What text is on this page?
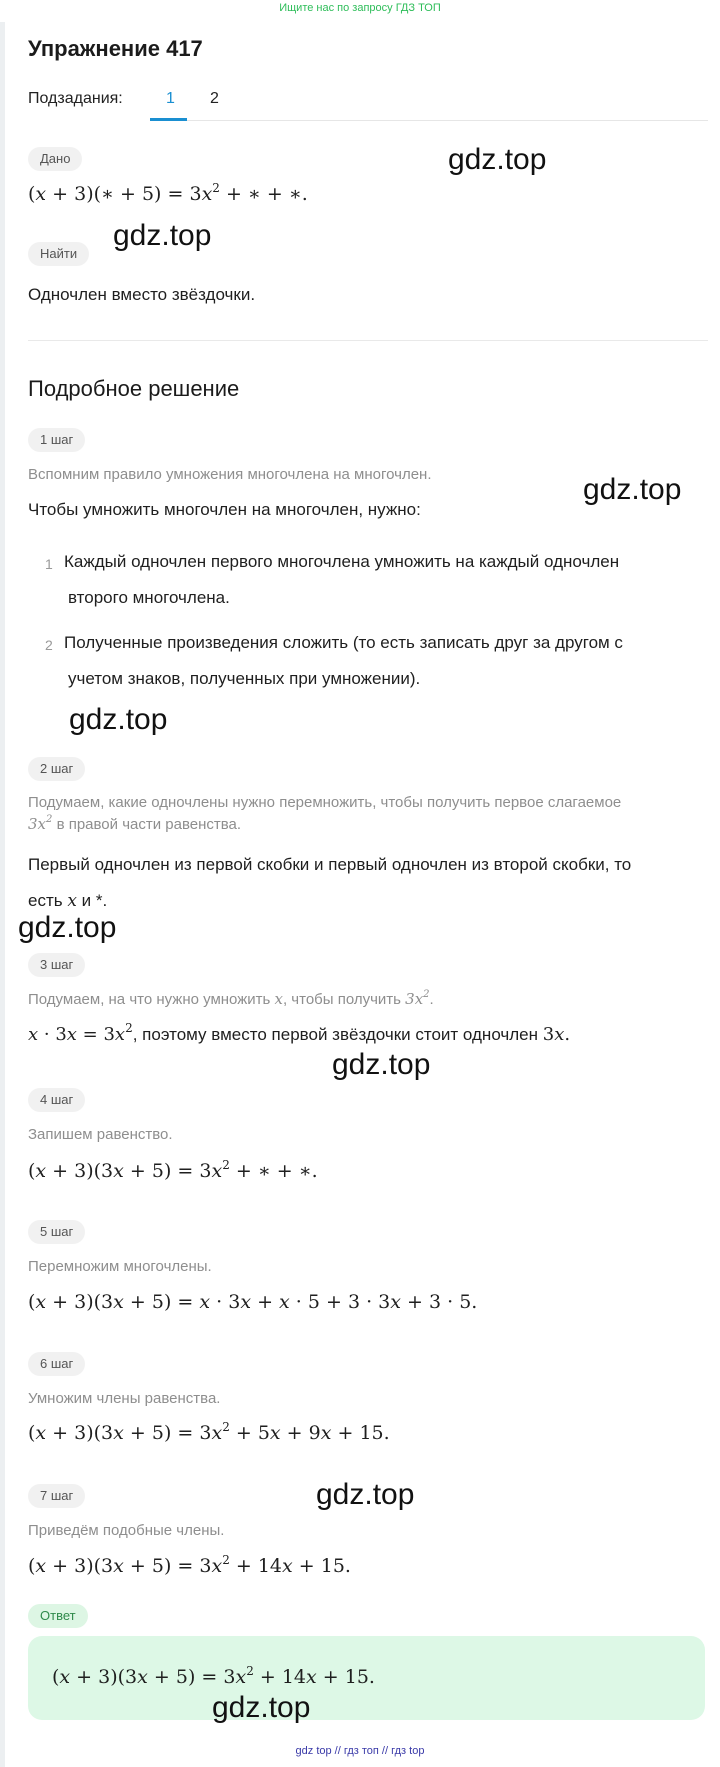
Ищите нас по запросу ГДЗ ТОП
Упражнение 417
Подзадания:	1 2
Дано
(x + 3)(∗ + $5) = 3x^2$ + ∗ + ∗.
Найти
Одночлен вместо звёздочки.
Подробное решение
1 шаг
Вспомним правило умножения многочлена на многочлен.
Чтобы умножить многочлен на многочлен, нужно:
1 Каждый одночлен первого многочлена умножить на каждый одночлен
второго многочлена.
2 Полученные произведения сложить (то есть записать друг за другом с
учетом знаков, полученных при умножении).
2 шаг
Подумаем, какие одночлены нужно перемножить, чтобы получить первое слагаемое
$3x^2$ в правой части равенства.
Первый одночлен из первой скобки и первый одночлен из второй скобки, то
есть x и *.
3 шаг
Подумаем, на что нужно умножить x, чтобы получить $3x^2$.
$x \cdot 3x = 3x^2$, поэтому вместо первой звёздочки стоит одночлен 3x.
4 шаг
Запишем равенство.
$(x + 3)(3x + 5) = 3x^2$ + ∗ + ∗.
5 шаг
Перемножим многочлены.
(x + 3)(3x + 5) = x · 3x + x · 5 + 3 · 3x + 3 · 5.
6 шаг
Умножим члены равенства.
$(x + 3)(3x + 5) = 3x^2 + 5x + 9x + 15$.
7 шаг
Приведём подобные члены.
$(x + 3)(3x + 5) = 3x^2 + 14x + 15$.
Ответ
$(x + 3)(3x + 5) = 3x^2 + 14x + 15$.
gdz.top
gdz.top
gdz.top
gdz.top
gdz.top
gdz.top
gdz.top
gdz.top
gdz top // гдз топ // гдз top
